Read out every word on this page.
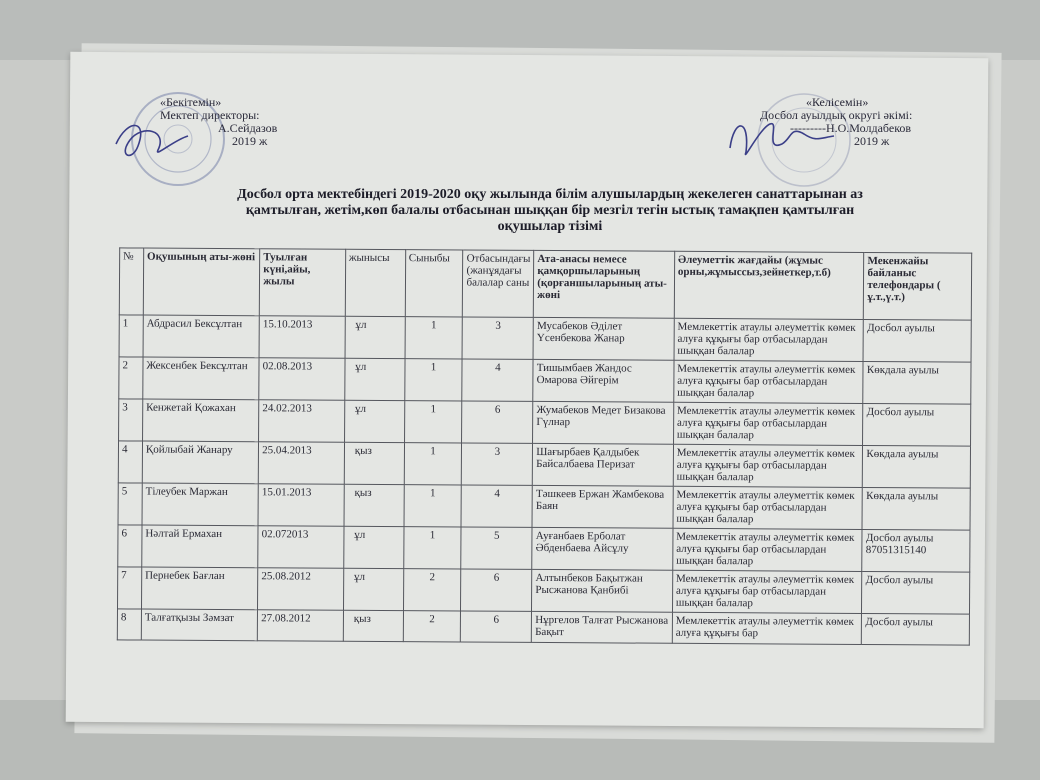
«Бекітемін»
Мектеп директоры:
А.Сейдазов
2019 ж
«Келісемін»
Досбол ауылдық округі әкімі:
---------Н.О.Молдабеков
2019 ж
Досбол орта мектебіндегі 2019-2020 оқу жылында білім алушылардың жекелеген санаттарынан аз
қамтылған, жетім,көп балалы отбасынан шыққан бір мезгіл тегін ыстық тамақпен қамтылған
оқушылар тізімі
№	Оқушының аты-жөні	Туылған күні,айы, жылы	жынысы	Сыныбы	Отбасындағы (жанұядағы балалар саны	Ата-анасы немесе қамқоршыларының (қорғаншыларының аты-жөні	Әлеуметтік жағдайы (жұмыс орны,жұмыссыз,зейнеткер,т.б)	Мекенжайы байланыс телефондары ( ұ.т.,ү.т.)
1	Абдрасил Бексұлтан	15.10.2013	ұл	1	3	Мусабеков Әділет Үсенбекова Жанар	Мемлекеттік атаулы әлеуметтік көмек алуға құқығы бар отбасылардан шыққан балалар	Досбол ауылы
2	Жексенбек Бексұлтан	02.08.2013	ұл	1	4	Тишымбаев Жандос Омарова Әйгерім	Мемлекеттік атаулы әлеуметтік көмек алуға құқығы бар отбасылардан шыққан балалар	Көкдала ауылы
3	Кенжетай Қожахан	24.02.2013	ұл	1	6	Жумабеков Медет Бизакова Гүлнар	Мемлекеттік атаулы әлеуметтік көмек алуға құқығы бар отбасылардан шыққан балалар	Досбол ауылы
4	Қойлыбай Жанару	25.04.2013	қыз	1	3	Шағырбаев Қалдыбек Байсалбаева Перизат	Мемлекеттік атаулы әлеуметтік көмек алуға құқығы бар отбасылардан шыққан балалар	Көкдала ауылы
5	Тілеубек Маржан	15.01.2013	қыз	1	4	Тәшкеев Ержан Жамбекова Баян	Мемлекеттік атаулы әлеуметтік көмек алуға құқығы бар отбасылардан шыққан балалар	Көкдала ауылы
6	Нәлтай Ермахан	02.072013	ұл	1	5	Ауғанбаев Ерболат Әбденбаева Айсұлу	Мемлекеттік атаулы әлеуметтік көмек алуға құқығы бар отбасылардан шыққан балалар	Досбол ауылы 87051315140
7	Пернебек Бағлан	25.08.2012	ұл	2	6	Алтынбеков Бақытжан Рысжанова Қанбибі	Мемлекеттік атаулы әлеуметтік көмек алуға құқығы бар отбасылардан шыққан балалар	Досбол ауылы
8	Талғатқызы Зәмзат	27.08.2012	қыз	2	6	Нұргелов Талғат Рысжанова Бақыт	Мемлекеттік атаулы әлеуметтік көмек алуға құқығы бар	Досбол ауылы
